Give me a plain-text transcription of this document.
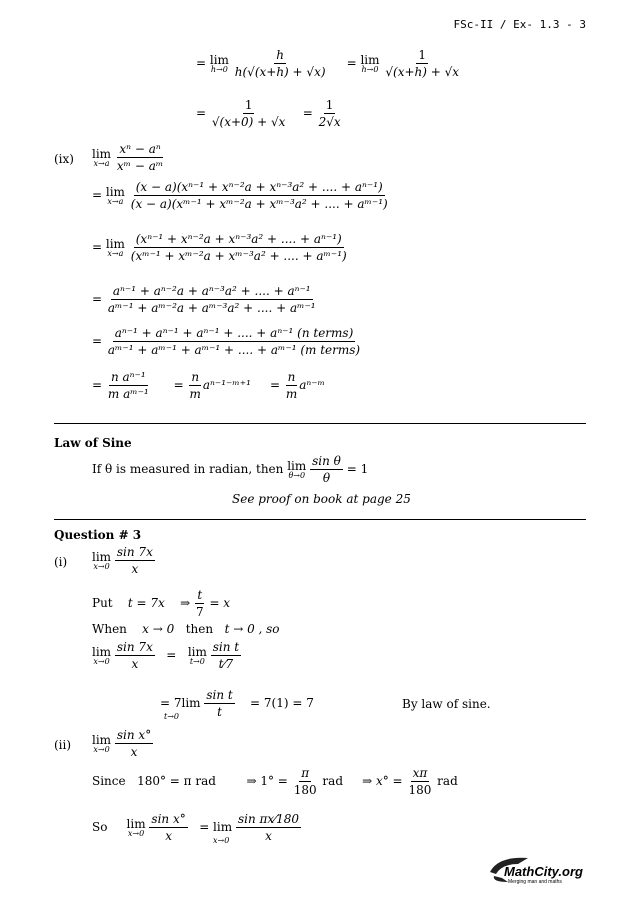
FSc-II / Ex- 1.3 - 3
= lim
h→0
$\frac{h}{h(√(x+h) + √x)} = \lim$
h→0
$\frac{1}{√(x+h) + √x}$
= $\frac{1}{√(x+0) + √x} = \frac{1}{2√x}$
(ix) lim
x→a
$\frac{\text{xⁿ − aⁿ}}{\text{xᵐ − aᵐ}}$
= lim
x→a
$\frac{\text{(x − a)(xⁿ⁻¹ + xⁿ⁻²a + xⁿ⁻³a² + .... + aⁿ⁻¹)}}{\text{(x − a)(xᵐ⁻¹ + xᵐ⁻²a + xᵐ⁻³a² + .... + aᵐ⁻¹)}}$
= lim
x→a
$\frac{\text{(xⁿ⁻¹ + xⁿ⁻²a + xⁿ⁻³a² + .... + aⁿ⁻¹)}}{\text{(xᵐ⁻¹ + xᵐ⁻²a + xᵐ⁻³a² + .... + aᵐ⁻¹)}}$
= $\frac{\text{aⁿ⁻¹ + aⁿ⁻²a + aⁿ⁻³a² + .... + aⁿ⁻¹}}{\text{aᵐ⁻¹ + aᵐ⁻²a + aᵐ⁻³a² + .... + aᵐ⁻¹}}$
= $\frac{\text{aⁿ⁻¹ + aⁿ⁻¹ + aⁿ⁻¹ + .... + aⁿ⁻¹ (n terms)}}{\text{aᵐ⁻¹ + aᵐ⁻¹ + aᵐ⁻¹ + .... + aᵐ⁻¹ (m terms)}}$
= $\frac{\text{n aⁿ⁻¹}}{\text{m aᵐ⁻¹}} = \frac{n}{m}$ aⁿ⁻¹⁻ᵐ⁺¹     = $\frac{n}{m}$ aⁿ⁻ᵐ
Law of Sine
If θ is measured in radian, then lim
θ→0
$\frac{\text{sin θ}}{\theta} = 1$
See proof on book at page 25
Question # 3
(i) lim
x→0
$\frac{\sin 7x}{x}$
Put t = 7x ⇒ $\frac{t}{7} = x$
When x → 0 then t → 0 , so
lim
x→0
$\frac{\sin 7x}{x} = \lim$
t→0
$\frac{\text{sin t}}{t⁄7}$
= $7\lim \frac{\text{sin t}}{t} = 7(1) = 7$
t→0
By law of sine.
(ii) lim
x→0
$\frac{\text{sin x°}}{x}$
Since 180° = π rad	⇒ $1^\circ = \frac{\pi}{180}$ rad ⇒ $x^\circ = \frac{x\pi}{180}$ rad
So lim
x→0
$\frac{\text{sin x°}}{x} = \lim \frac{\text{sin πx⁄180}}{x}$
x→0
MathCity.org
Merging man and maths
